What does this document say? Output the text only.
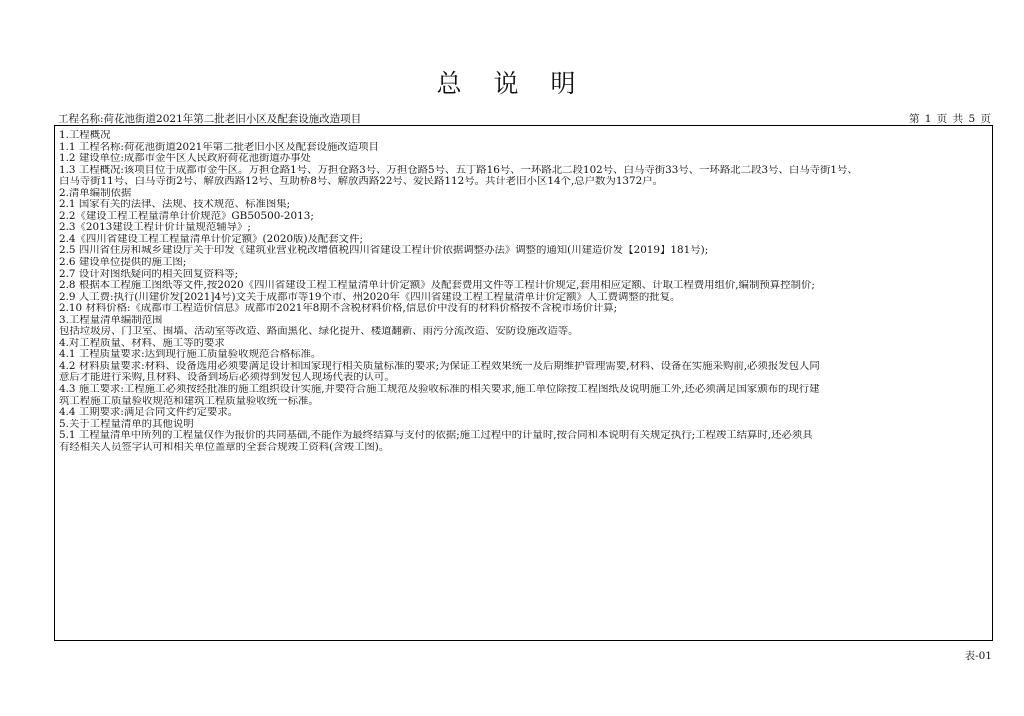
总 说 明
工程名称:荷花池街道2021年第二批老旧小区及配套设施改造项目	第 1 页 共 5 页
1.工程概况
1.1 工程名称:荷花池街道2021年第二批老旧小区及配套设施改造项目
1.2 建设单位:成都市金牛区人民政府荷花池街道办事处
1.3 工程概况:该项目位于成都市金牛区。万担仓路1号、万担仓路3号、万担仓路5号、五丁路16号、一环路北二段102号、白马寺街33号、一环路北二段3号、白马寺街1号、
白马寺街11号、白马寺街2号、解放西路12号、互助桥8号、解放西路22号、爱民路112号。共计老旧小区14个,总户数为1372户。
2.清单编制依据
2.1 国家有关的法律、法规、技术规范、标准图集;
2.2《建设工程工程量清单计价规范》GB50500-2013;
2.3《2013建设工程计价计量规范辅导》;
2.4《四川省建设工程工程量清单计价定额》(2020版)及配套文件;
2.5 四川省住房和城乡建设厅关于印发《建筑业营业税改增值税四川省建设工程计价依据调整办法》调整的通知(川建造价发【2019】181号);
2.6 建设单位提供的施工图;
2.7 设计对图纸疑问的相关回复资料等;
2.8 根据本工程施工图纸等文件,按2020《四川省建设工程工程量清单计价定额》及配套费用文件等工程计价规定,套用相应定额、计取工程费用组价,编制预算控制价;
2.9 人工费:执行(川建价发[2021]4号)文关于成都市等19个市、州2020年《四川省建设工程工程量清单计价定额》人工费调整的批复。
2.10 材料价格:《成都市工程造价信息》成都市2021年8期不含税材料价格,信息价中没有的材料价格按不含税市场价计算;
3.工程量清单编制范围
包括垃圾房、门卫室、围墙、活动室等改造、路面黑化、绿化提升、楼道翻新、雨污分流改造、安防设施改造等。
4.对工程质量、材料、施工等的要求
4.1 工程质量要求:达到现行施工质量验收规范合格标准。
4.2 材料质量要求:材料、设备选用必须要满足设计和国家现行相关质量标准的要求;为保证工程效果统一及后期维护管理需要,材料、设备在实施采购前,必须报发包人同
意后才能进行采购,且材料、设备到场后必须得到发包人现场代表的认可。
4.3 施工要求:工程施工必须按经批准的施工组织设计实施,并要符合施工规范及验收标准的相关要求,施工单位除按工程图纸及说明施工外,还必须满足国家颁布的现行建
筑工程施工质量验收规范和建筑工程质量验收统一标准。
4.4 工期要求:满足合同文件约定要求。
5.关于工程量清单的其他说明
5.1 工程量清单中所列的工程量仅作为报价的共同基础,不能作为最终结算与支付的依据;施工过程中的计量时,按合同和本说明有关规定执行;工程竣工结算时,还必须具
有经相关人员签字认可和相关单位盖章的全套合规竣工资料(含竣工图)。
表-01
